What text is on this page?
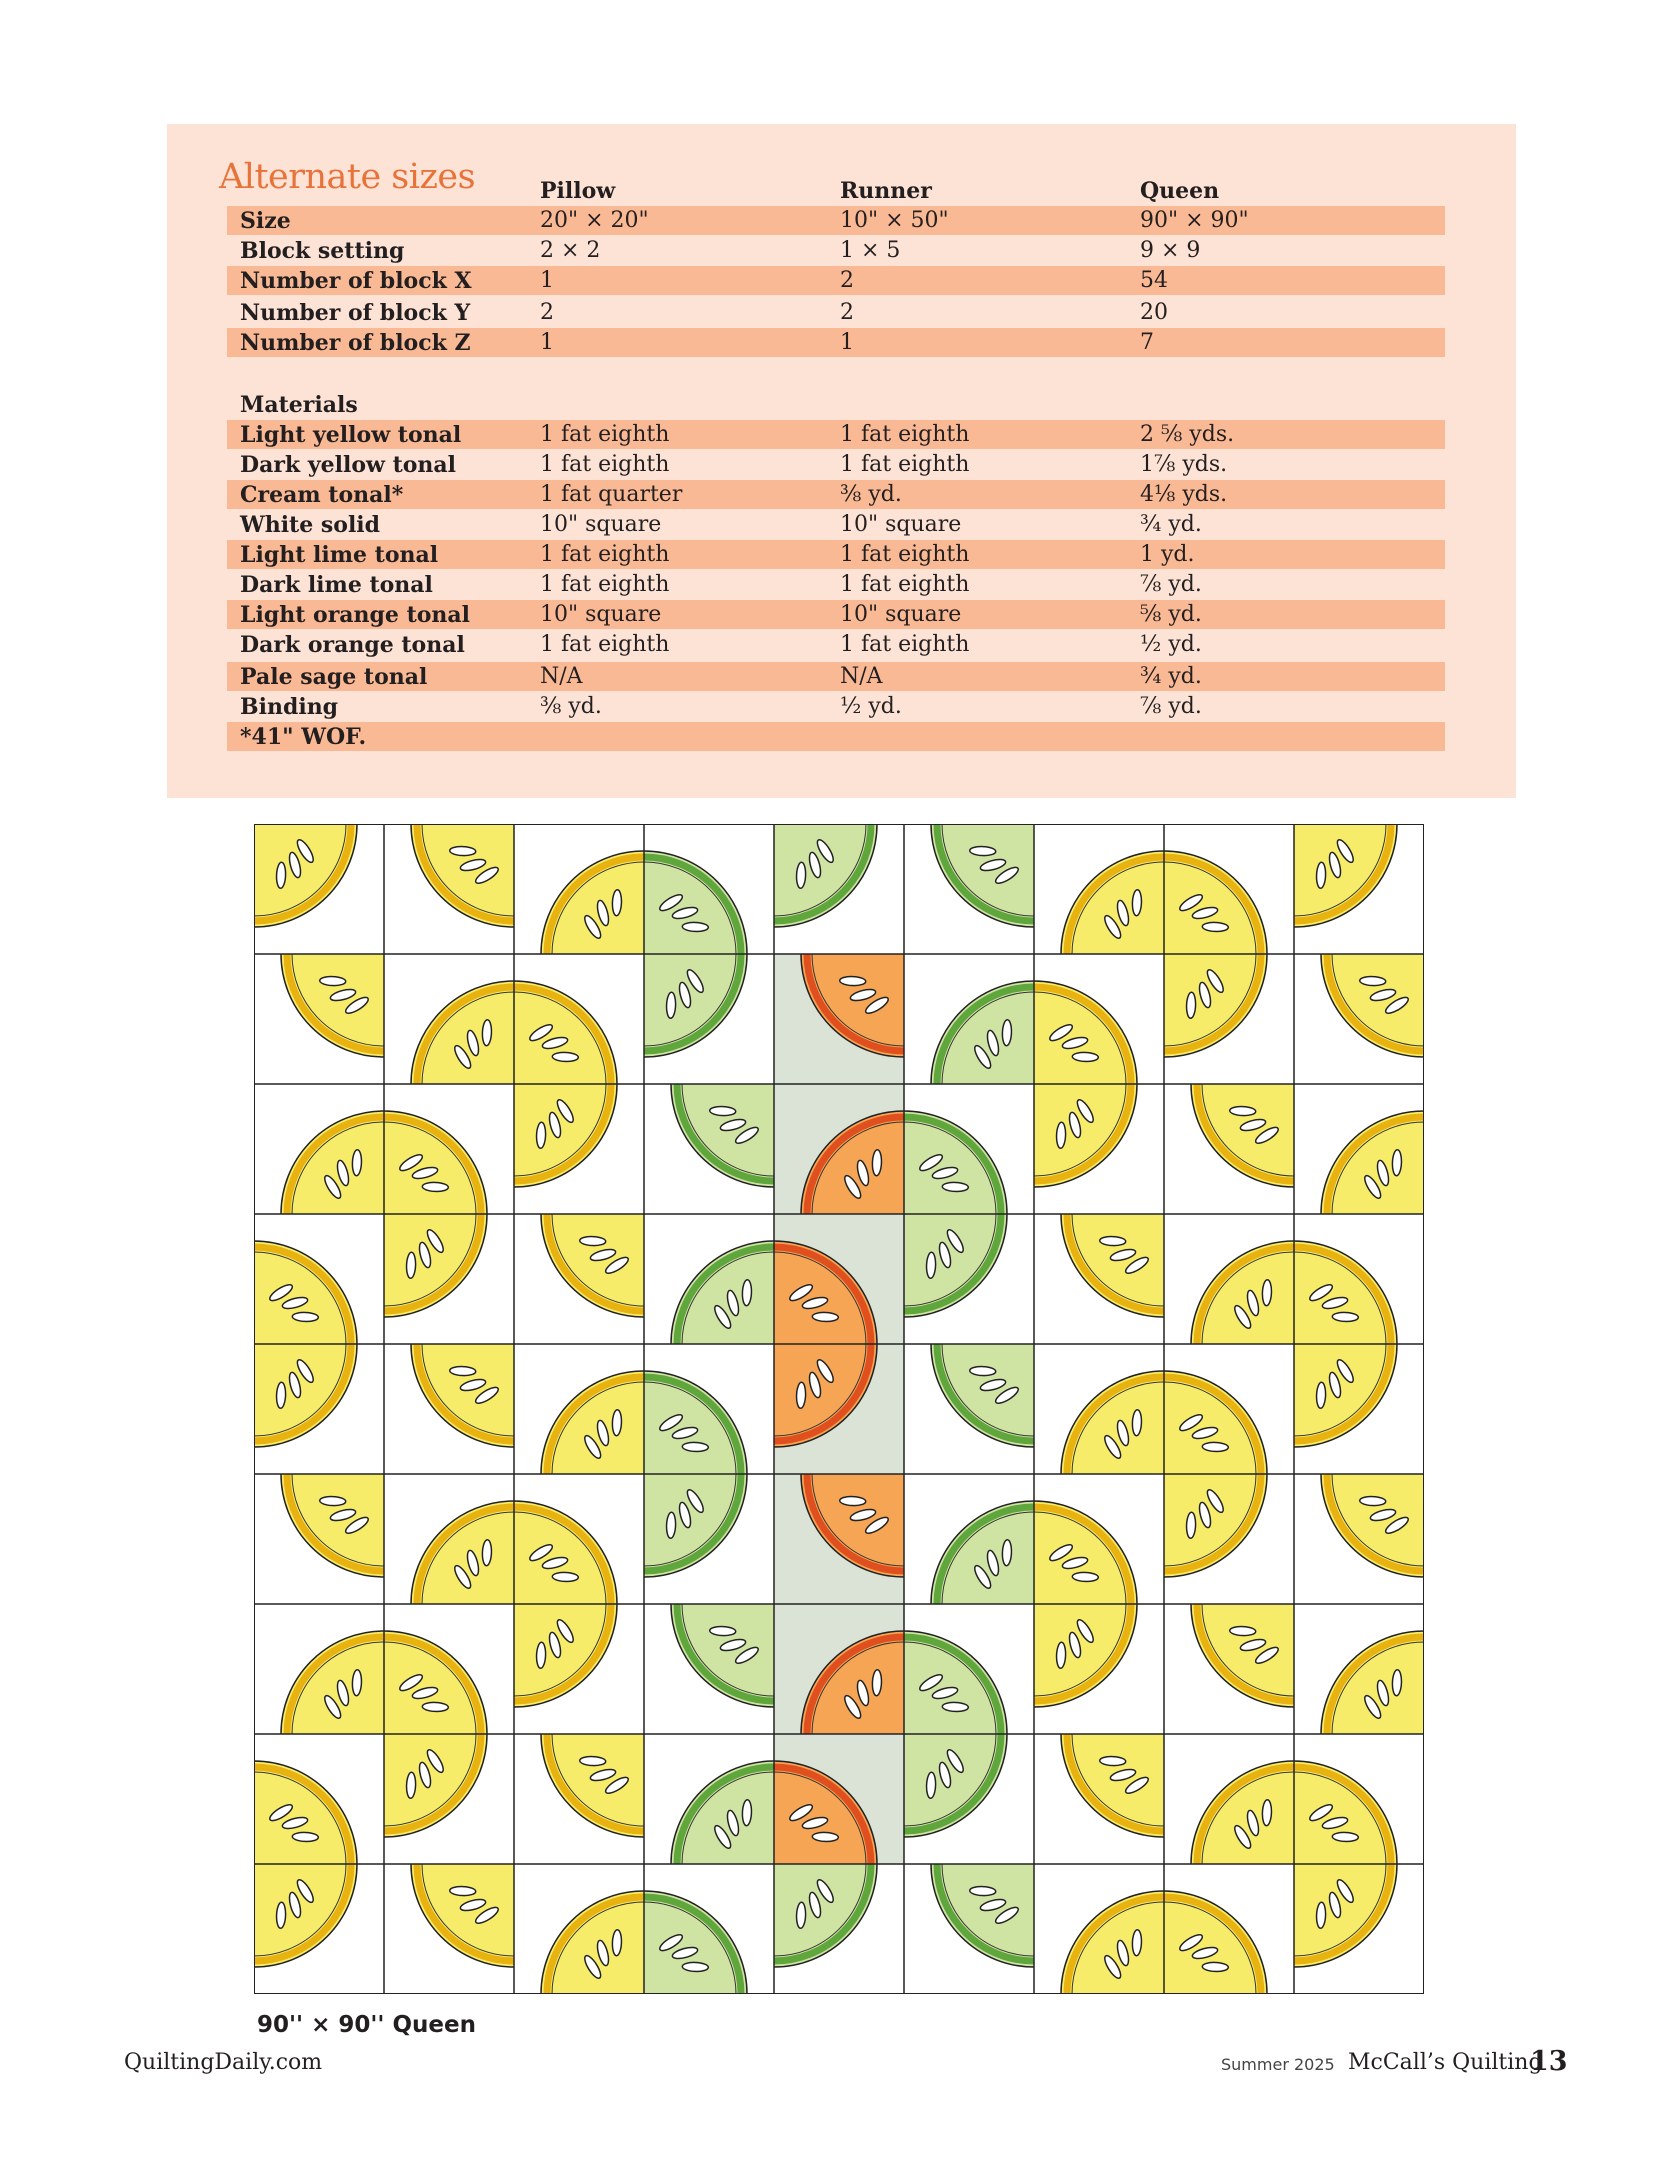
Alternate sizes	Pillow	Runner	Queen
Size	20" × 20"	10" × 50"	90" × 90"
Block setting	2 × 2	1 × 5	9 × 9
Number of block X	1	2	54
Number of block Y	2	2	20
Number of block Z	1	1	7
Materials
Light yellow tonal	1 fat eighth	1 fat eighth	2 ⅝ yds.
Dark yellow tonal	1 fat eighth	1 fat eighth	1⅞ yds.
Cream tonal*	1 fat quarter	⅜ yd.	4⅛ yds.
White solid	10" square	10" square	¾ yd.
Light lime tonal	1 fat eighth	1 fat eighth	1 yd.
Dark lime tonal	1 fat eighth	1 fat eighth	⅞ yd.
Light orange tonal	10" square	10" square	⅝ yd.
Dark orange tonal	1 fat eighth	1 fat eighth	½ yd.
Pale sage tonal	N/A	N/A	¾ yd.
Binding	⅜ yd.	½ yd.	⅞ yd.
*41" WOF.

90'' × 90'' Queen

QuiltingDaily.com	Summer 2025 McCall’s Quilting
13
